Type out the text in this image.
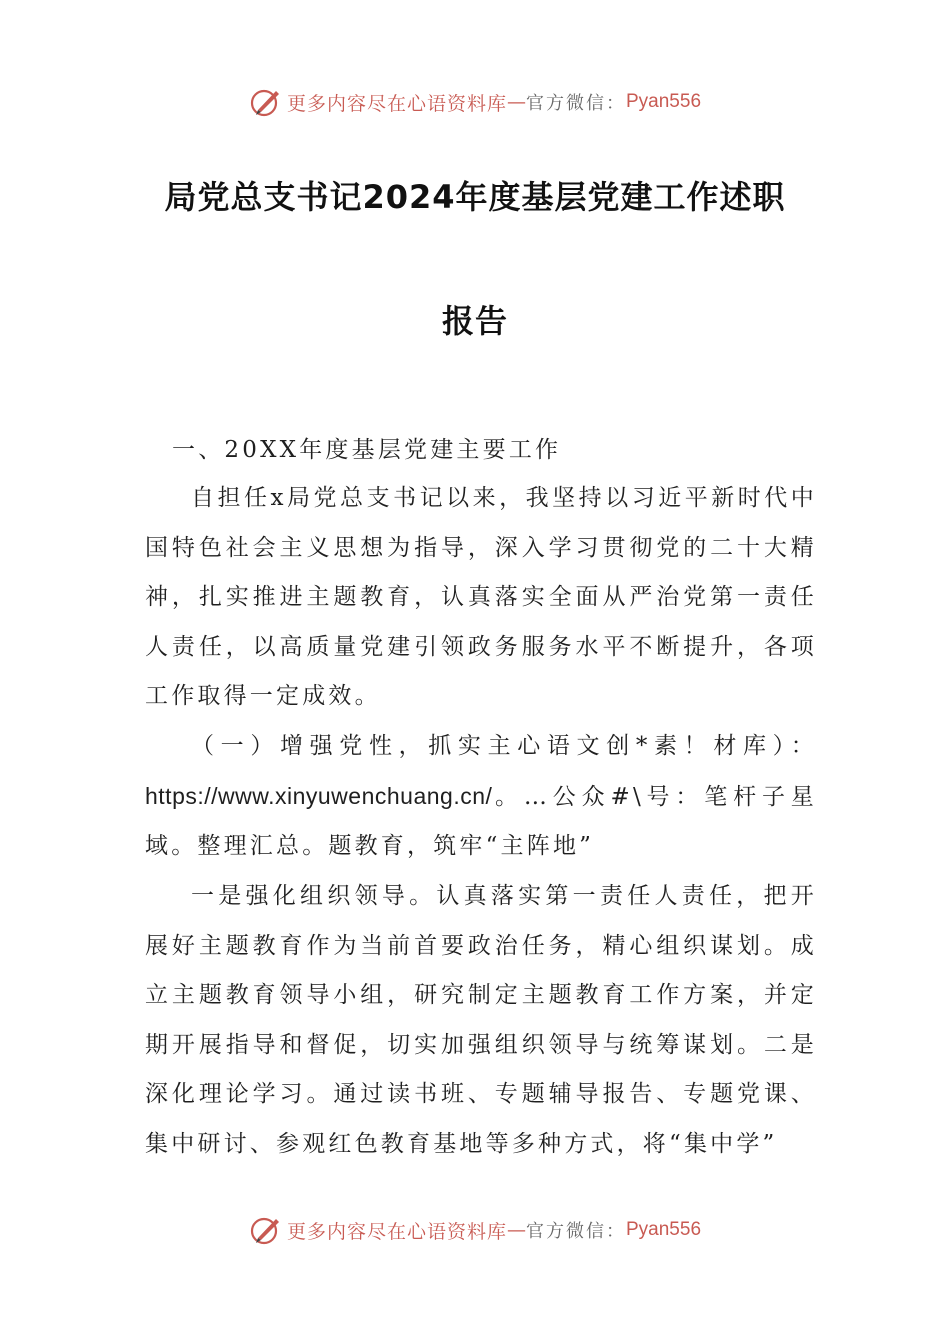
更多内容尽在心语资料库 — 官方微信： Pyan556
局党总支书记2024年度基层党建工作述职
报告
一、20XX年度基层党建主要工作
自担任x局党总支书记以来，我坚持以习近平新时代中国特色社会主义思想为指导，深入学习贯彻党的二十大精神，扎实推进主题教育，认真落实全面从严治党第一责任人责任，以高质量党建引领政务服务水平不断提升，各项工作取得一定成效。
（一）增强党性，抓实主心语文创*素！材库）：https://www.xinyuwenchuang.cn/。…公众#\号：笔杆子星域。整理汇总。题教育，筑牢“主阵地”
一是强化组织领导。认真落实第一责任人责任，把开展好主题教育作为当前首要政治任务，精心组织谋划。成立主题教育领导小组，研究制定主题教育工作方案，并定期开展指导和督促，切实加强组织领导与统筹谋划。二是深化理论学习。通过读书班、专题辅导报告、专题党课、集中研讨、参观红色教育基地等多种方式，将“集中学”
更多内容尽在心语资料库 — 官方微信： Pyan556
